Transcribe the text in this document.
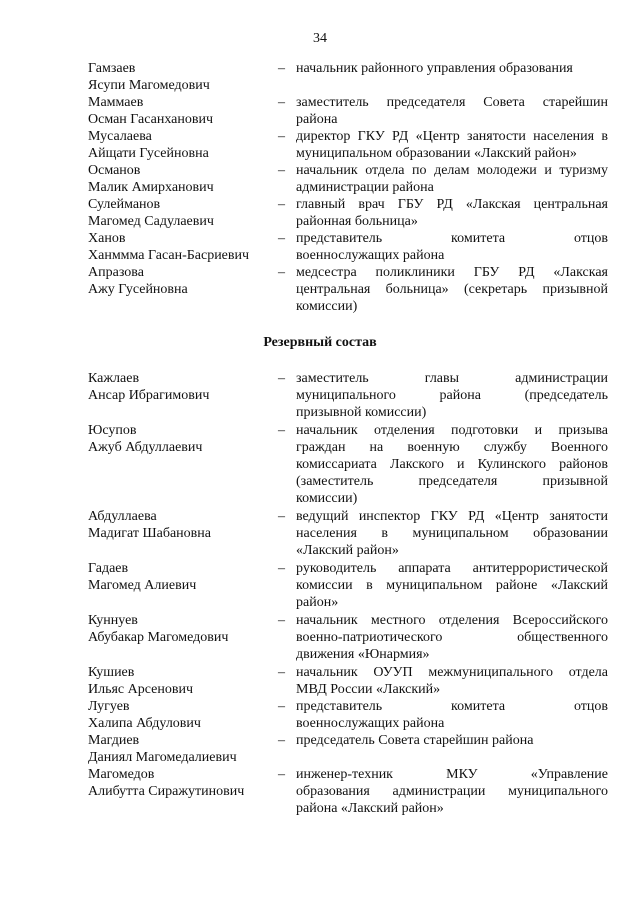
34
Гамзаев
Ясупи Магомедович
– начальник районного управления образования
Маммаев
Осман Гасанханович
– заместитель председателя Совета старейшин
района
Мусалаева
Айщати Гусейновна
– директор ГКУ РД «Центр занятости населения в
муниципальном образовании «Лакский район»
Османов
Малик Амирханович
– начальник отдела по делам молодежи и туризму
администрации района
Сулейманов
Магомед Садулаевич
– главный врач ГБУ РД «Лакская центральная
районная больница»
Ханов
Ханммма Гасан-Басриевич
– представитель комитета отцов
военнослужащих района
Апразова
Ажу Гусейновна
– медсестра поликлиники ГБУ РД «Лакская
центральная больница» (секретарь призывной
комиссии)
Резервный состав
Кажлаев
Ансар Ибрагимович
– заместитель главы администрации
муниципального района (председатель
призывной комиссии)
Юсупов
Ажуб Абдуллаевич
– начальник отделения подготовки и призыва
граждан на военную службу Военного
комиссариата Лакского и Кулинского районов
(заместитель председателя призывной
комиссии)
Абдуллаева
Мадигат Шабановна
– ведущий инспектор ГКУ РД «Центр занятости
населения в муниципальном образовании
«Лакский район»
Гадаев
Магомед Алиевич
– руководитель аппарата антитеррористической
комиссии в муниципальном районе «Лакский
район»
Куннуев
Абубакар Магомедович
– начальник местного отделения Всероссийского
военно-патриотического общественного
движения «Юнармия»
Кушиев
Ильяс Арсенович
– начальник ОУУП межмуниципального отдела
МВД России «Лакский»
Лугуев
Халипа Абдулович
– представитель комитета отцов
военнослужащих района
Магдиев
Даниял Магомедалиевич
– председатель Совета старейшин района
Магомедов
Алибутта Сиражутинович
– инженер-техник МКУ «Управление
образования администрации муниципального
района «Лакский район»
